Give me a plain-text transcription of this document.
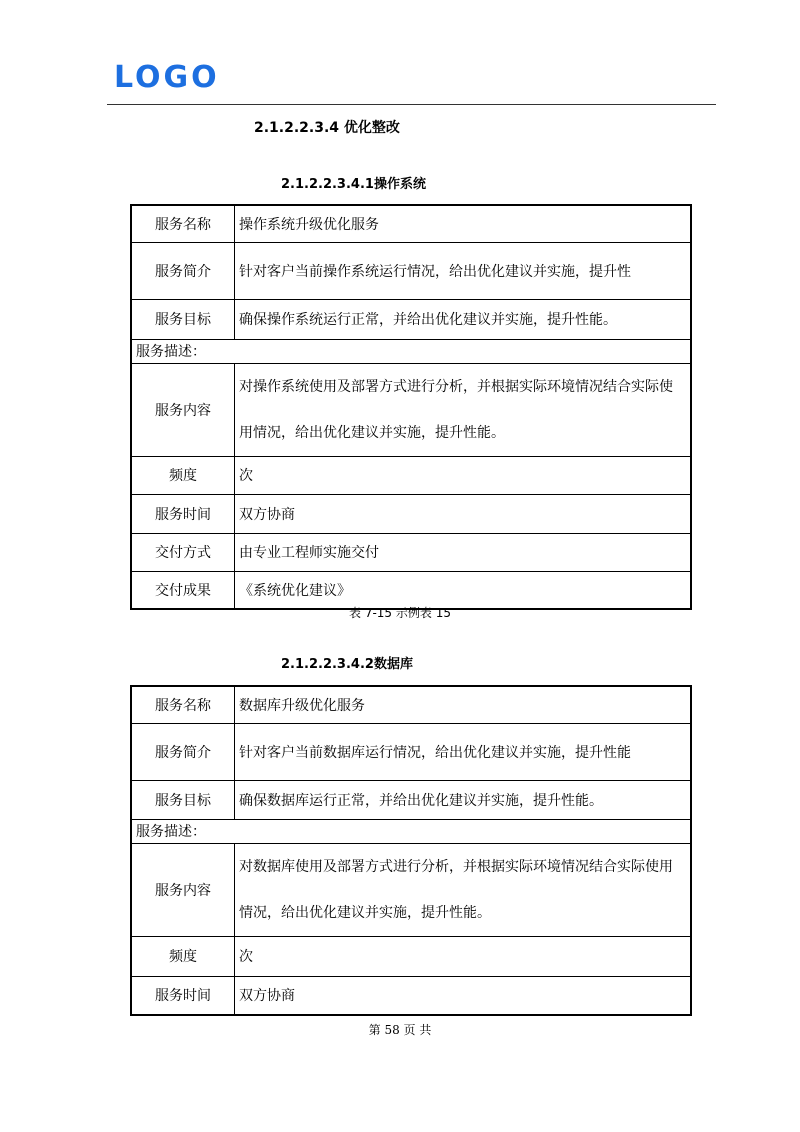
LOGO
2.1.2.2.3.4 优化整改
2.1.2.2.3.4.1操作系统
服务名称	操作系统升级优化服务
服务简介	针对客户当前操作系统运行情况，给出优化建议并实施，提升性
服务目标	确保操作系统运行正常，并给出优化建议并实施，提升性能。
服务描述：	
服务内容	对操作系统使用及部署方式进行分析，并根据实际环境情况结合实际使用情况，给出优化建议并实施，提升性能。
频度	次
服务时间	双方协商
交付方式	由专业工程师实施交付
交付成果	《系统优化建议》
表 7-15 示例表 15
2.1.2.2.3.4.2数据库
服务名称	数据库升级优化服务
服务简介	针对客户当前数据库运行情况，给出优化建议并实施，提升性能
服务目标	确保数据库运行正常，并给出优化建议并实施，提升性能。
服务描述：	
服务内容	对数据库使用及部署方式进行分析，并根据实际环境情况结合实际使用情况，给出优化建议并实施，提升性能。
频度	次
服务时间	双方协商
第 58 页 共
